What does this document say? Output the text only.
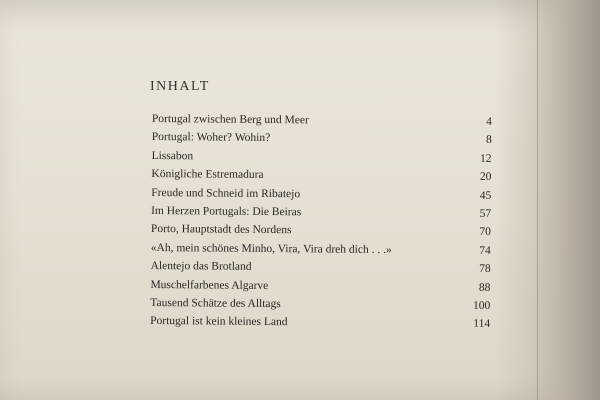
INHALT
Portugal zwischen Berg und Meer	4
Portugal: Woher? Wohin?	8
Lissabon	12
Königliche Estremadura	20
Freude und Schneid im Ribatejo	45
Im Herzen Portugals: Die Beiras	57
Porto, Hauptstadt des Nordens	70
«Ah, mein schönes Minho, Vira, Vira dreh dich . . .»	74
Alentejo das Brotland	78
Muschelfarbenes Algarve	88
Tausend Schätze des Alltags	100
Portugal ist kein kleines Land	114
